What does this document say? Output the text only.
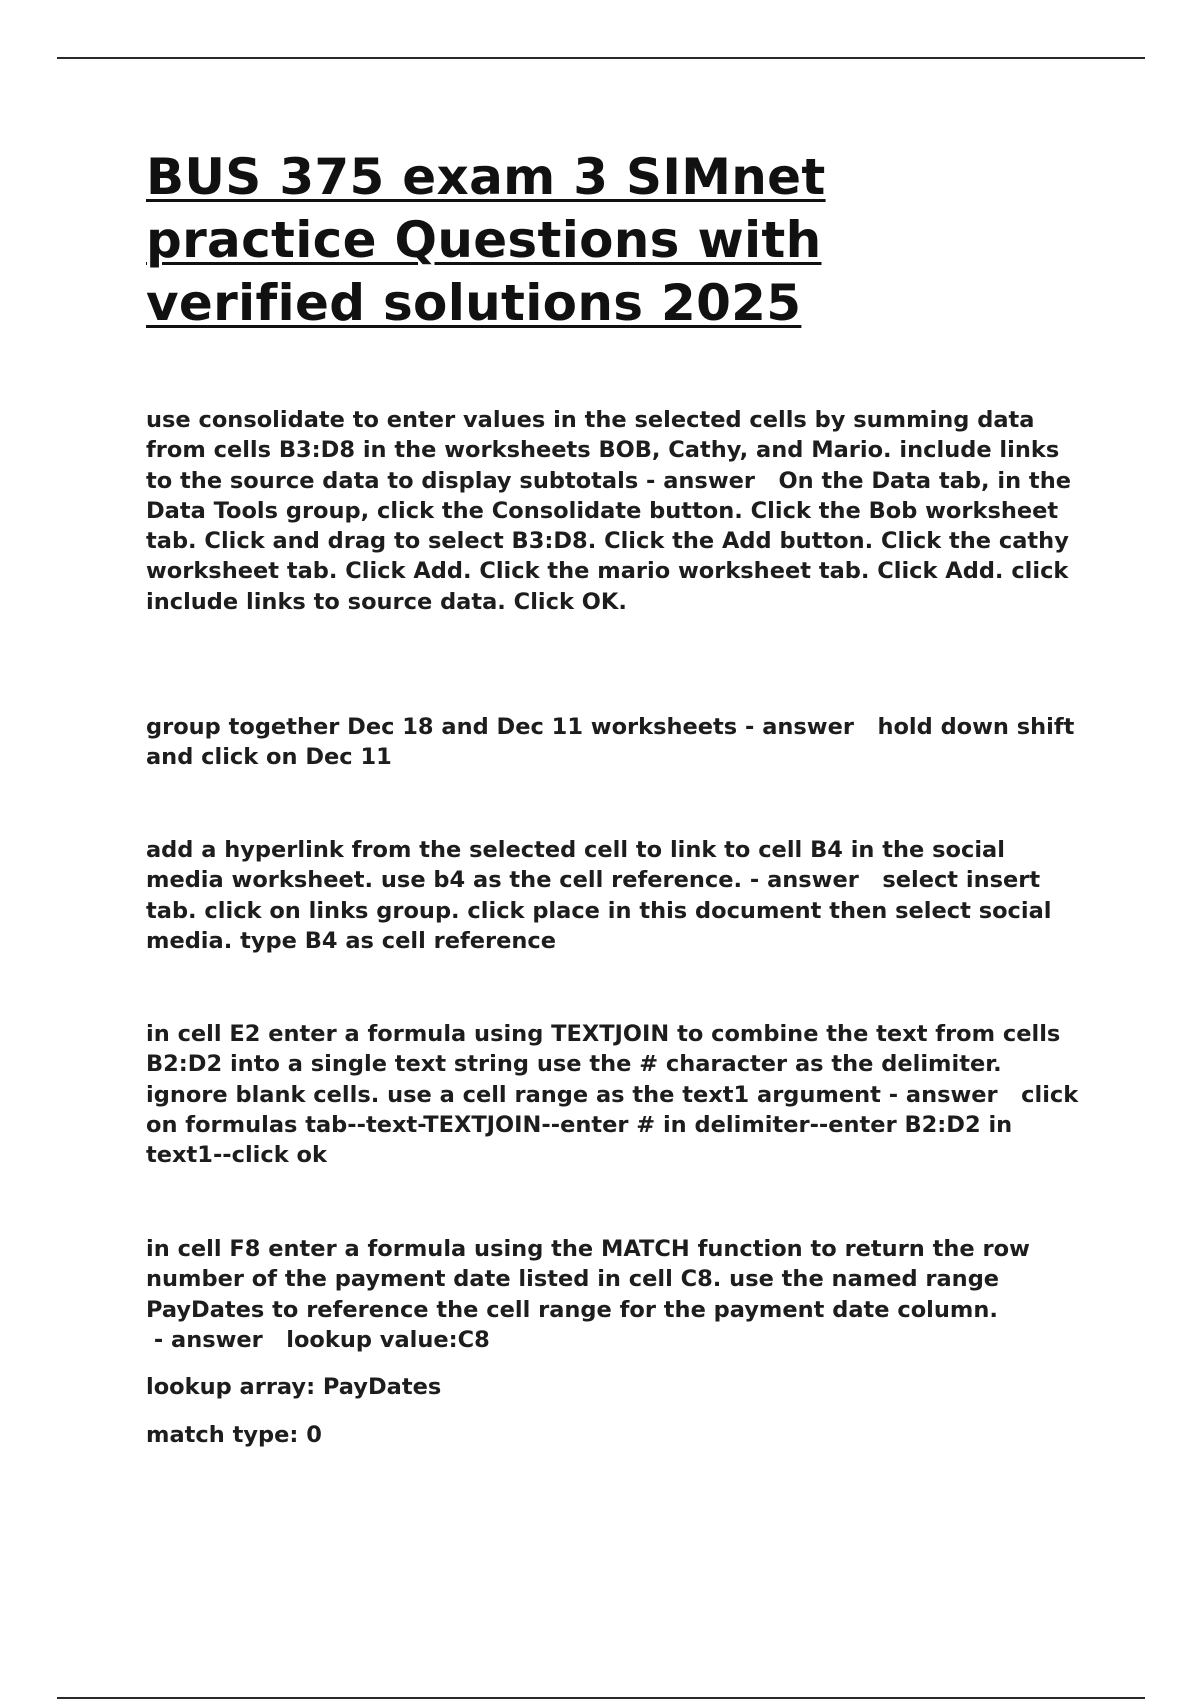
BUS 375 exam 3 SIMnet
practice Questions with
verified solutions 2025

use consolidate to enter values in the selected cells by summing data from cells B3:D8 in the worksheets BOB, Cathy, and Mario. include links to the source data to display subtotals - answer   On the Data tab, in the Data Tools group, click the Consolidate button. Click the Bob worksheet tab. Click and drag to select B3:D8. Click the Add button. Click the cathy worksheet tab. Click Add. Click the mario worksheet tab. Click Add. click include links to source data. Click OK.

group together Dec 18 and Dec 11 worksheets - answer   hold down shift and click on Dec 11

add a hyperlink from the selected cell to link to cell B4 in the social media worksheet. use b4 as the cell reference. - answer   select insert tab. click on links group. click place in this document then select social media. type B4 as cell reference

in cell E2 enter a formula using TEXTJOIN to combine the text from cells B2:D2 into a single text string use the # character as the delimiter. ignore blank cells. use a cell range as the text1 argument - answer   click on formulas tab--text-TEXTJOIN--enter # in delimiter--enter B2:D2 in text1--click ok

in cell F8 enter a formula using the MATCH function to return the row number of the payment date listed in cell C8. use the named range PayDates to reference the cell range for the payment date column. - answer   lookup value:C8

lookup array: PayDates

match type: 0
